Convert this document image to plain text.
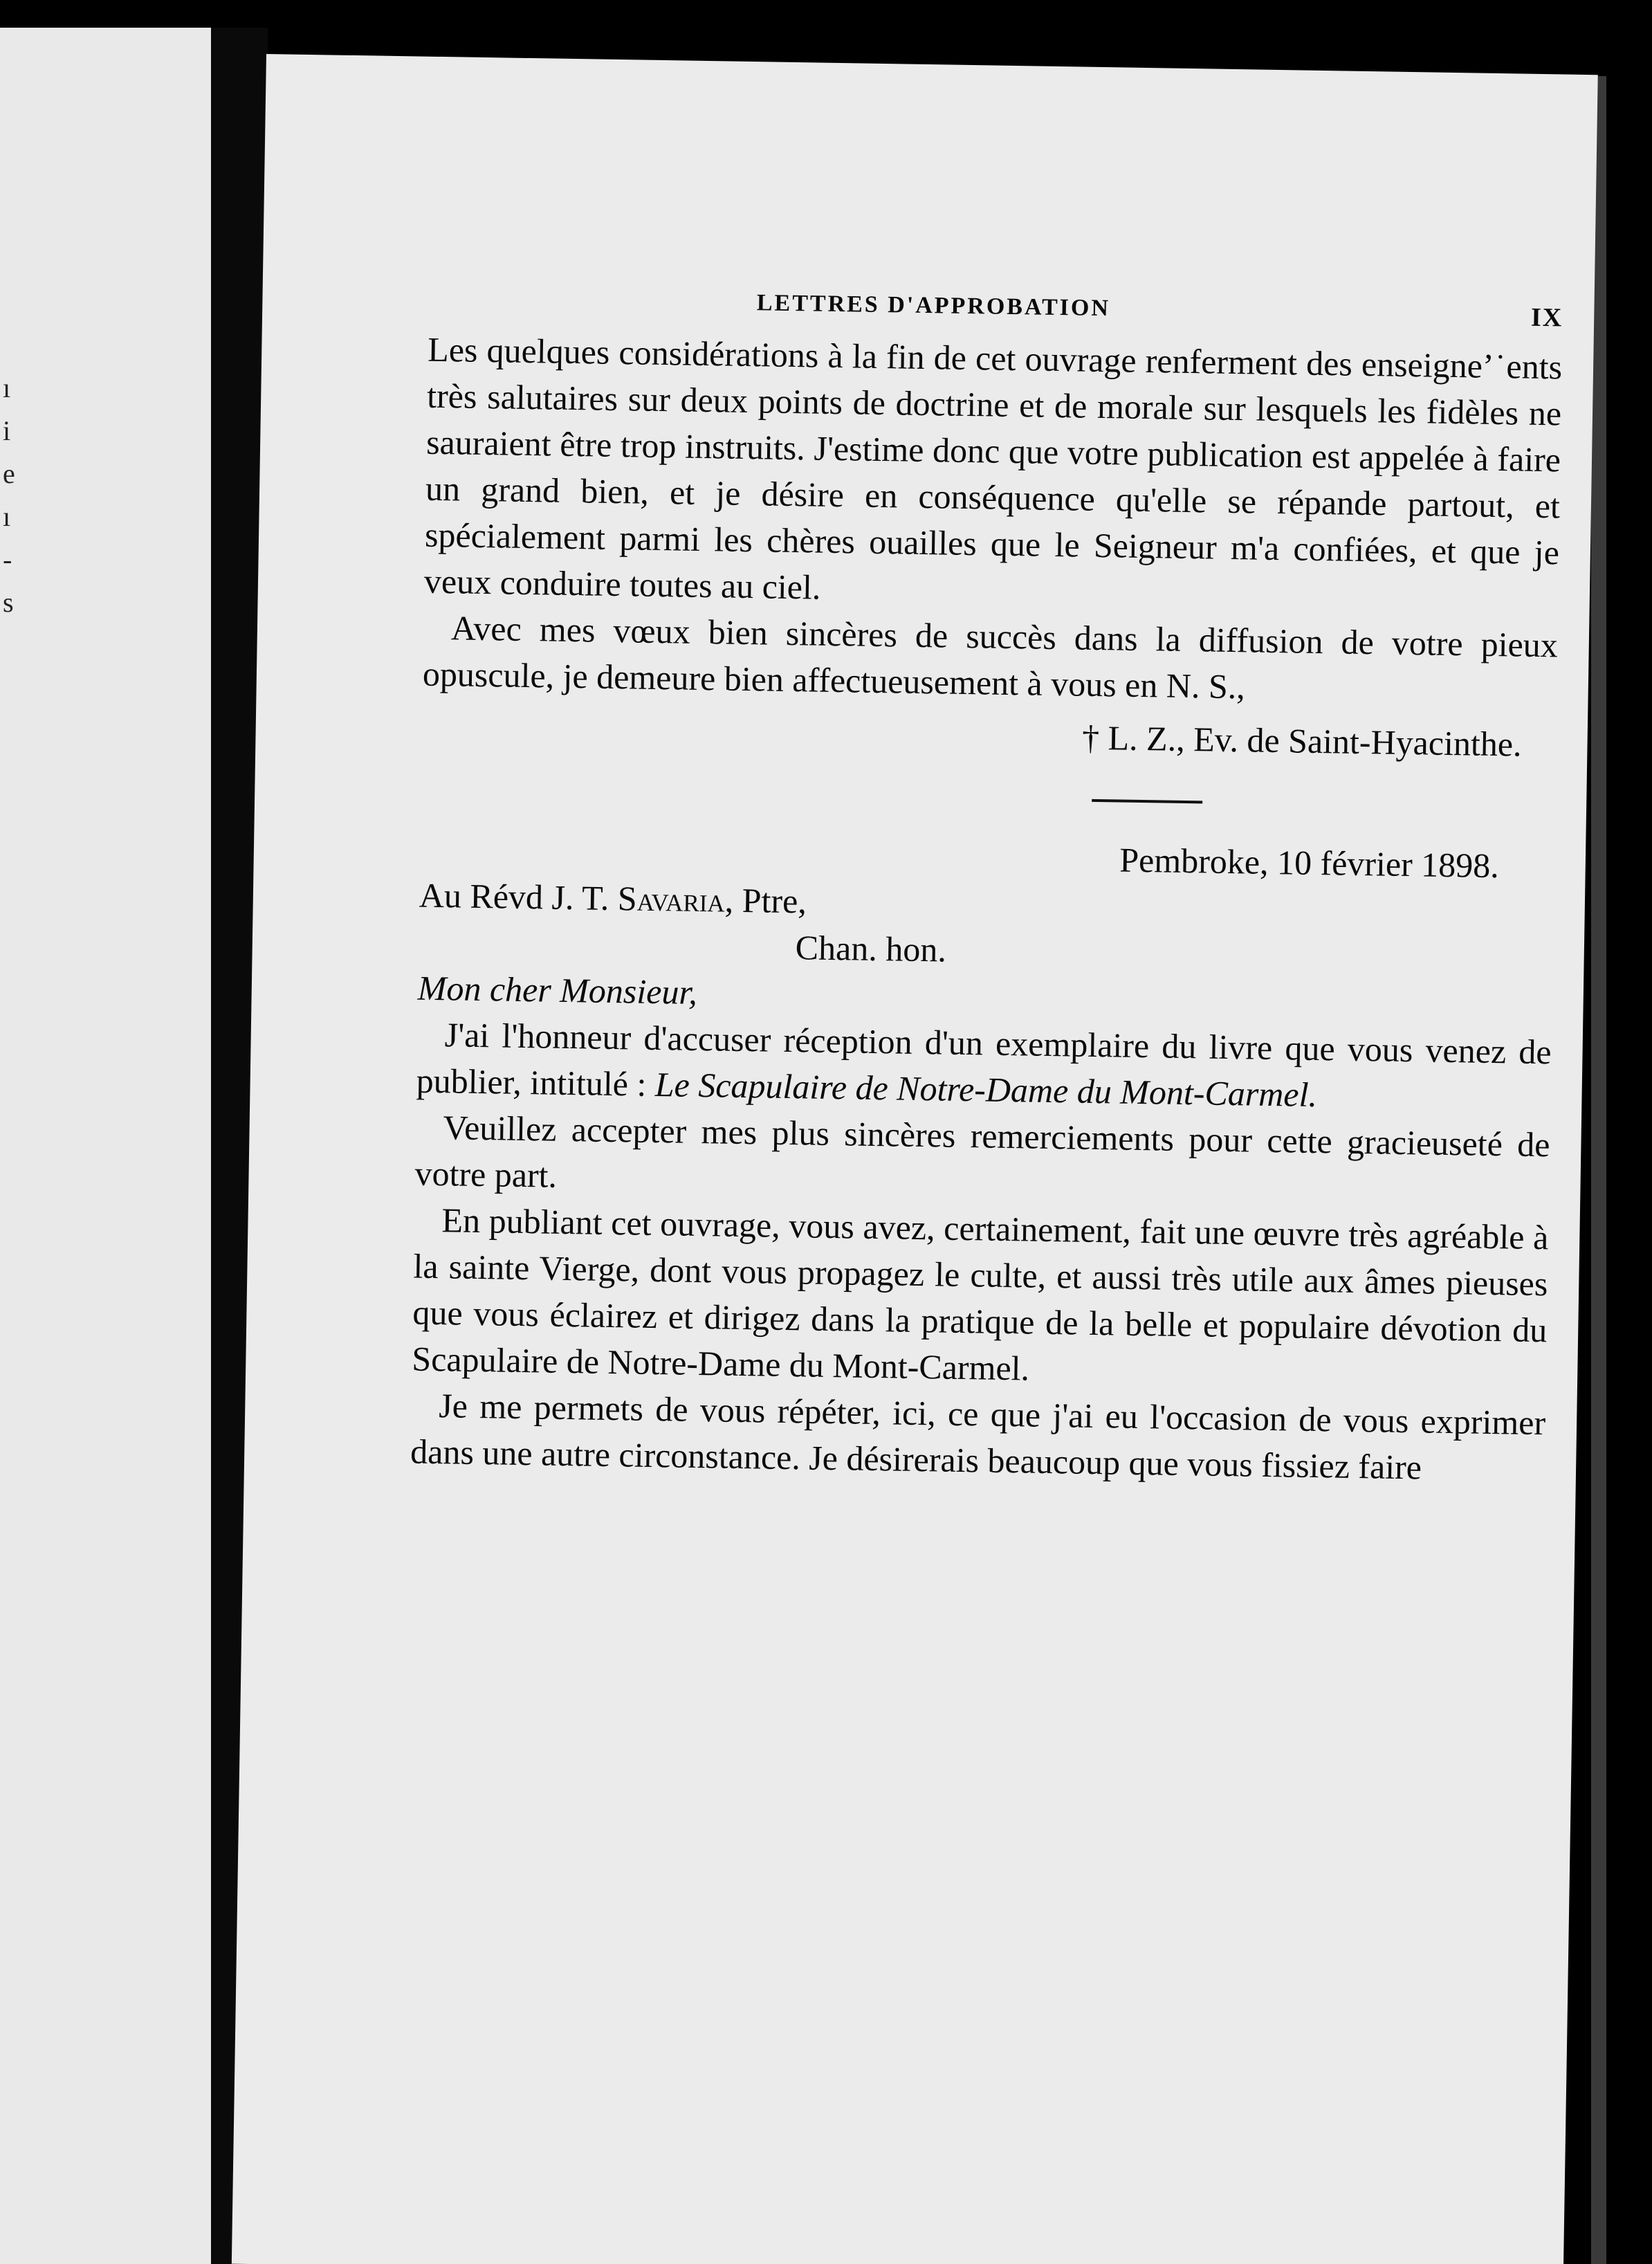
ı
i
e
ı
-
s
LETTRES D'APPROBATION	IX

Les quelques considérations à la fin de cet ouvrage renferment des enseigneʼ˙ents très salutaires sur deux points de doctrine et de morale sur lesquels les fidèles ne sauraient être trop instruits. J'estime donc que votre publication est appelée à faire un grand bien, et je désire en conséquence qu'elle se répande partout, et spécialement parmi les chères ouailles que le Seigneur m'a confiées, et que je veux conduire toutes au ciel.

Avec mes vœux bien sincères de succès dans la diffusion de votre pieux opuscule, je demeure bien affectueusement à vous en N. S.,

† L. Z., Ev. de Saint-Hyacinthe.

Pembroke, 10 février 1898.

Au Révd J. T. Savaria, Ptre,

Chan. hon.

Mon cher Monsieur,

J'ai l'honneur d'accuser réception d'un exemplaire du livre que vous venez de publier, intitulé : Le Scapulaire de Notre-Dame du Mont-Carmel.

Veuillez accepter mes plus sincères remerciements pour cette gracieuseté de votre part.

En publiant cet ouvrage, vous avez, certainement, fait une œuvre très agréable à la sainte Vierge, dont vous propagez le culte, et aussi très utile aux âmes pieuses que vous éclairez et dirigez dans la pratique de la belle et populaire dévotion du Scapulaire de Notre-Dame du Mont-Carmel.

Je me permets de vous répéter, ici, ce que j'ai eu l'occasion de vous exprimer dans une autre circonstance. Je désirerais beaucoup que vous fissiez faire
